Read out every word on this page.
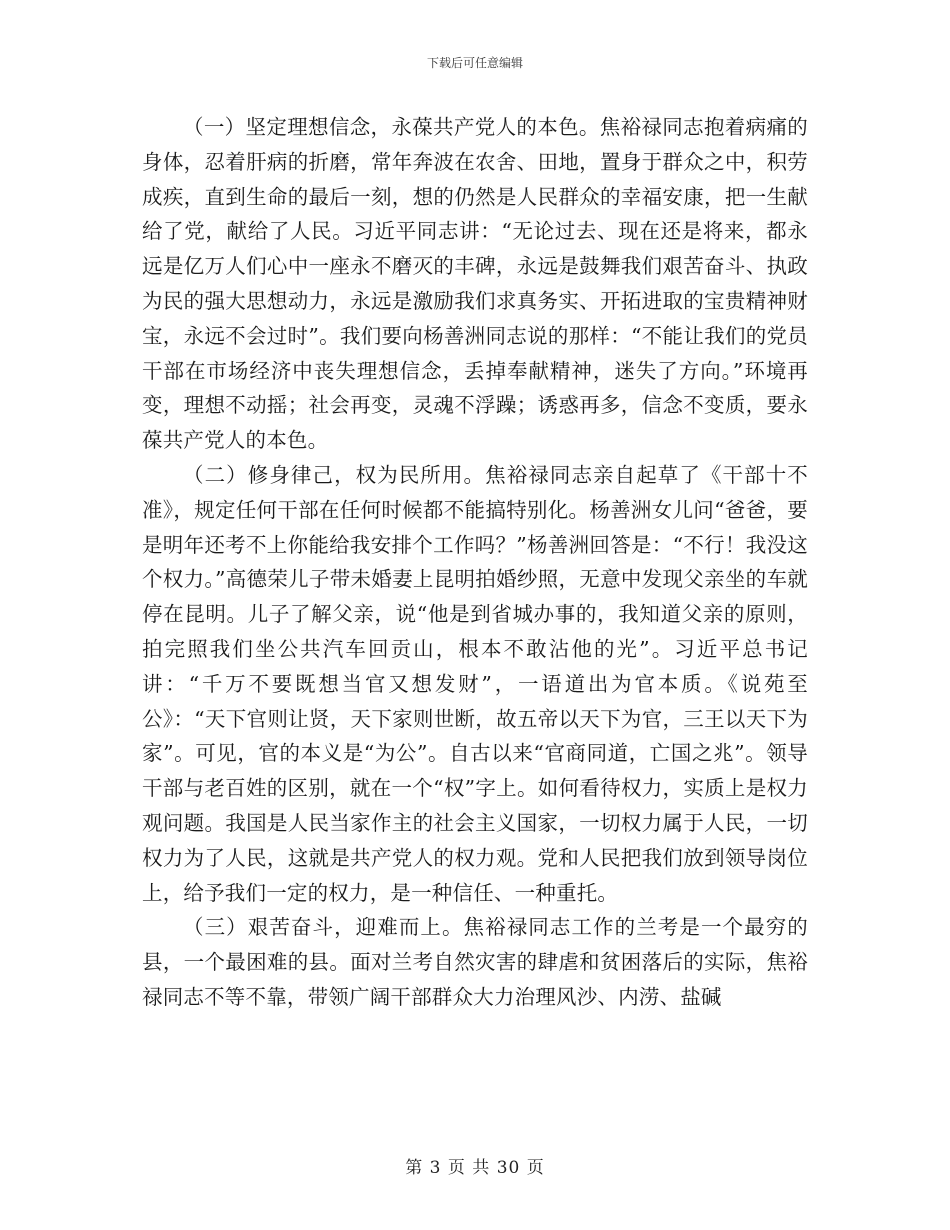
下载后可任意编辑

（一）坚定理想信念，永葆共产党人的本色。焦裕禄同志抱着病痛的身体，忍着肝病的折磨，常年奔波在农舍、田地，置身于群众之中，积劳成疾，直到生命的最后一刻，想的仍然是人民群众的幸福安康，把一生献给了党，献给了人民。习近平同志讲：“无论过去、现在还是将来，都永远是亿万人们心中一座永不磨灭的丰碑，永远是鼓舞我们艰苦奋斗、执政为民的强大思想动力，永远是激励我们求真务实、开拓进取的宝贵精神财宝，永远不会过时”。我们要向杨善洲同志说的那样：“不能让我们的党员干部在市场经济中丧失理想信念，丢掉奉献精神，迷失了方向。”环境再变，理想不动摇；社会再变，灵魂不浮躁；诱惑再多，信念不变质，要永葆共产党人的本色。

（二）修身律己，权为民所用。焦裕禄同志亲自起草了《干部十不准》，规定任何干部在任何时候都不能搞特别化。杨善洲女儿问“爸爸，要是明年还考不上你能给我安排个工作吗？”杨善洲回答是：“不行！我没这个权力。”高德荣儿子带未婚妻上昆明拍婚纱照，无意中发现父亲坐的车就停在昆明。儿子了解父亲，说“他是到省城办事的，我知道父亲的原则，拍完照我们坐公共汽车回贡山，根本不敢沾他的光”。习近平总书记讲：“千万不要既想当官又想发财”，一语道出为官本质。《说苑至公》：“天下官则让贤，天下家则世断，故五帝以天下为官，三王以天下为家”。可见，官的本义是“为公”。自古以来“官商同道，亡国之兆”。领导干部与老百姓的区别，就在一个“权”字上。如何看待权力，实质上是权力观问题。我国是人民当家作主的社会主义国家，一切权力属于人民，一切权力为了人民，这就是共产党人的权力观。党和人民把我们放到领导岗位上，给予我们一定的权力，是一种信任、一种重托。

（三）艰苦奋斗，迎难而上。焦裕禄同志工作的兰考是一个最穷的县，一个最困难的县。面对兰考自然灾害的肆虐和贫困落后的实际，焦裕禄同志不等不靠，带领广阔干部群众大力治理风沙、内涝、盐碱

第 3 页 共 30 页
